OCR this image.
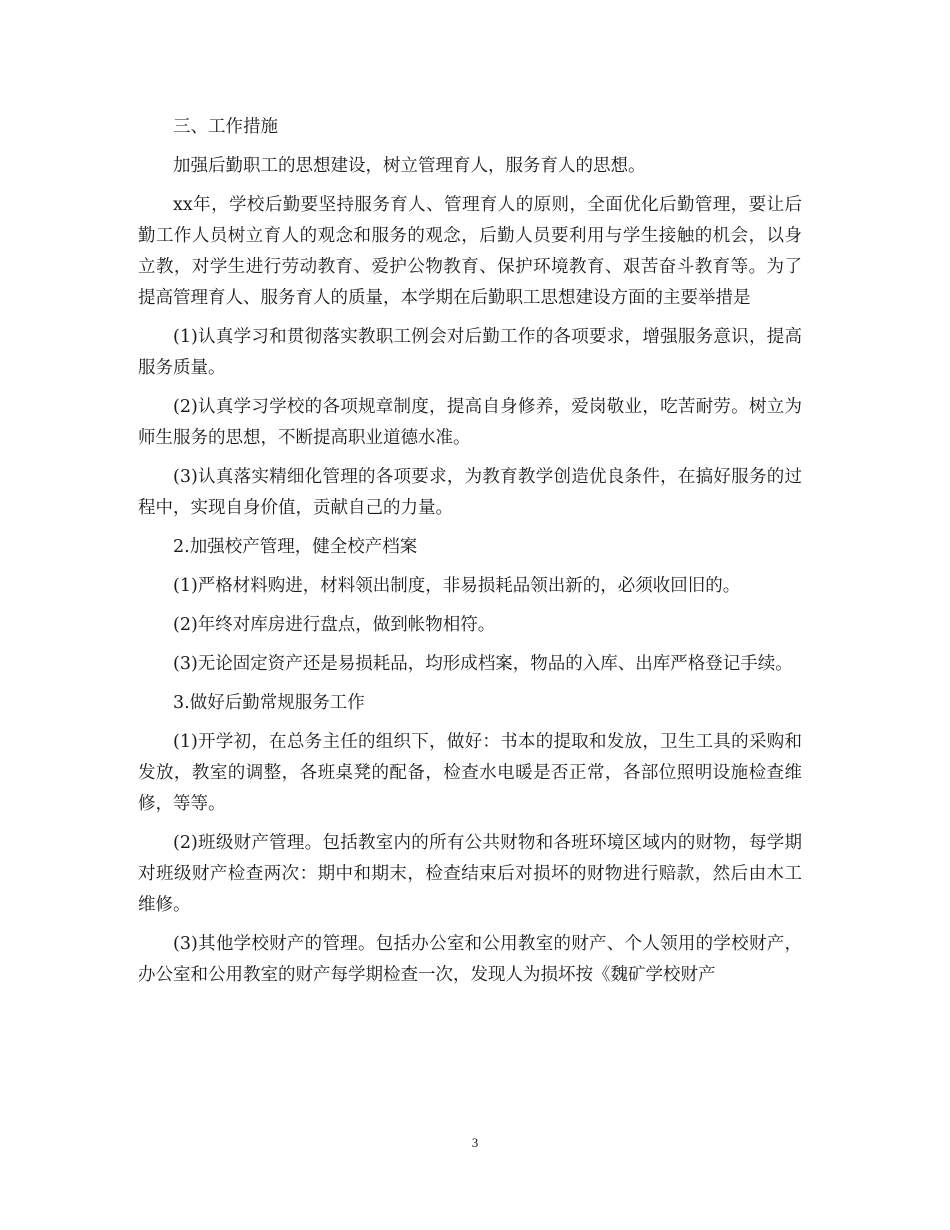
三、工作措施

加强后勤职工的思想建设，树立管理育人，服务育人的思想。

xx年，学校后勤要坚持服务育人、管理育人的原则，全面优化后勤管理，要让后勤工作人员树立育人的观念和服务的观念，后勤人员要利用与学生接触的机会，以身立教，对学生进行劳动教育、爱护公物教育、保护环境教育、艰苦奋斗教育等。为了提高管理育人、服务育人的质量，本学期在后勤职工思想建设方面的主要举措是

(1)认真学习和贯彻落实教职工例会对后勤工作的各项要求，增强服务意识，提高服务质量。

(2)认真学习学校的各项规章制度，提高自身修养，爱岗敬业，吃苦耐劳。树立为师生服务的思想，不断提高职业道德水准。

(3)认真落实精细化管理的各项要求，为教育教学创造优良条件，在搞好服务的过程中，实现自身价值，贡献自己的力量。

2.加强校产管理，健全校产档案

(1)严格材料购进，材料领出制度，非易损耗品领出新的，必须收回旧的。

(2)年终对库房进行盘点，做到帐物相符。

(3)无论固定资产还是易损耗品，均形成档案，物品的入库、出库严格登记手续。

3.做好后勤常规服务工作

(1)开学初，在总务主任的组织下，做好：书本的提取和发放，卫生工具的采购和发放，教室的调整，各班桌凳的配备，检查水电暖是否正常，各部位照明设施检查维修，等等。

(2)班级财产管理。包括教室内的所有公共财物和各班环境区域内的财物，每学期对班级财产检查两次：期中和期末，检查结束后对损坏的财物进行赔款，然后由木工维修。

(3)其他学校财产的管理。包括办公室和公用教室的财产、个人领用的学校财产，办公室和公用教室的财产每学期检查一次，发现人为损坏按《魏矿学校财产

3
